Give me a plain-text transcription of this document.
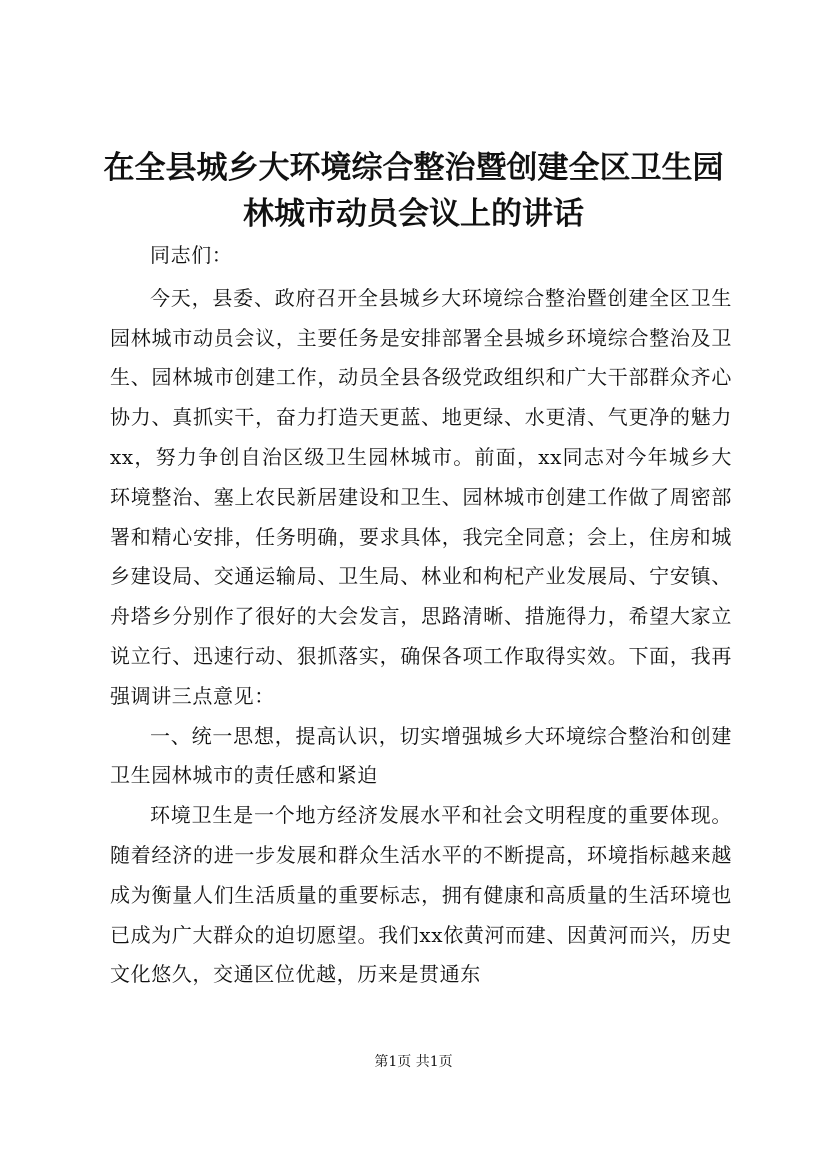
在全县城乡大环境综合整治暨创建全区卫生园林城市动员会议上的讲话

同志们：

今天，县委、政府召开全县城乡大环境综合整治暨创建全区卫生园林城市动员会议，主要任务是安排部署全县城乡环境综合整治及卫生、园林城市创建工作，动员全县各级党政组织和广大干部群众齐心协力、真抓实干，奋力打造天更蓝、地更绿、水更清、气更净的魅力xx，努力争创自治区级卫生园林城市。前面，xx同志对今年城乡大环境整治、塞上农民新居建设和卫生、园林城市创建工作做了周密部署和精心安排，任务明确，要求具体，我完全同意；会上，住房和城乡建设局、交通运输局、卫生局、林业和枸杞产业发展局、宁安镇、舟塔乡分别作了很好的大会发言，思路清晰、措施得力，希望大家立说立行、迅速行动、狠抓落实，确保各项工作取得实效。下面，我再强调讲三点意见：

一、统一思想，提高认识，切实增强城乡大环境综合整治和创建卫生园林城市的责任感和紧迫

环境卫生是一个地方经济发展水平和社会文明程度的重要体现。随着经济的进一步发展和群众生活水平的不断提高，环境指标越来越成为衡量人们生活质量的重要标志，拥有健康和高质量的生活环境也已成为广大群众的迫切愿望。我们xx依黄河而建、因黄河而兴，历史文化悠久，交通区位优越，历来是贯通东

第1页 共1页
